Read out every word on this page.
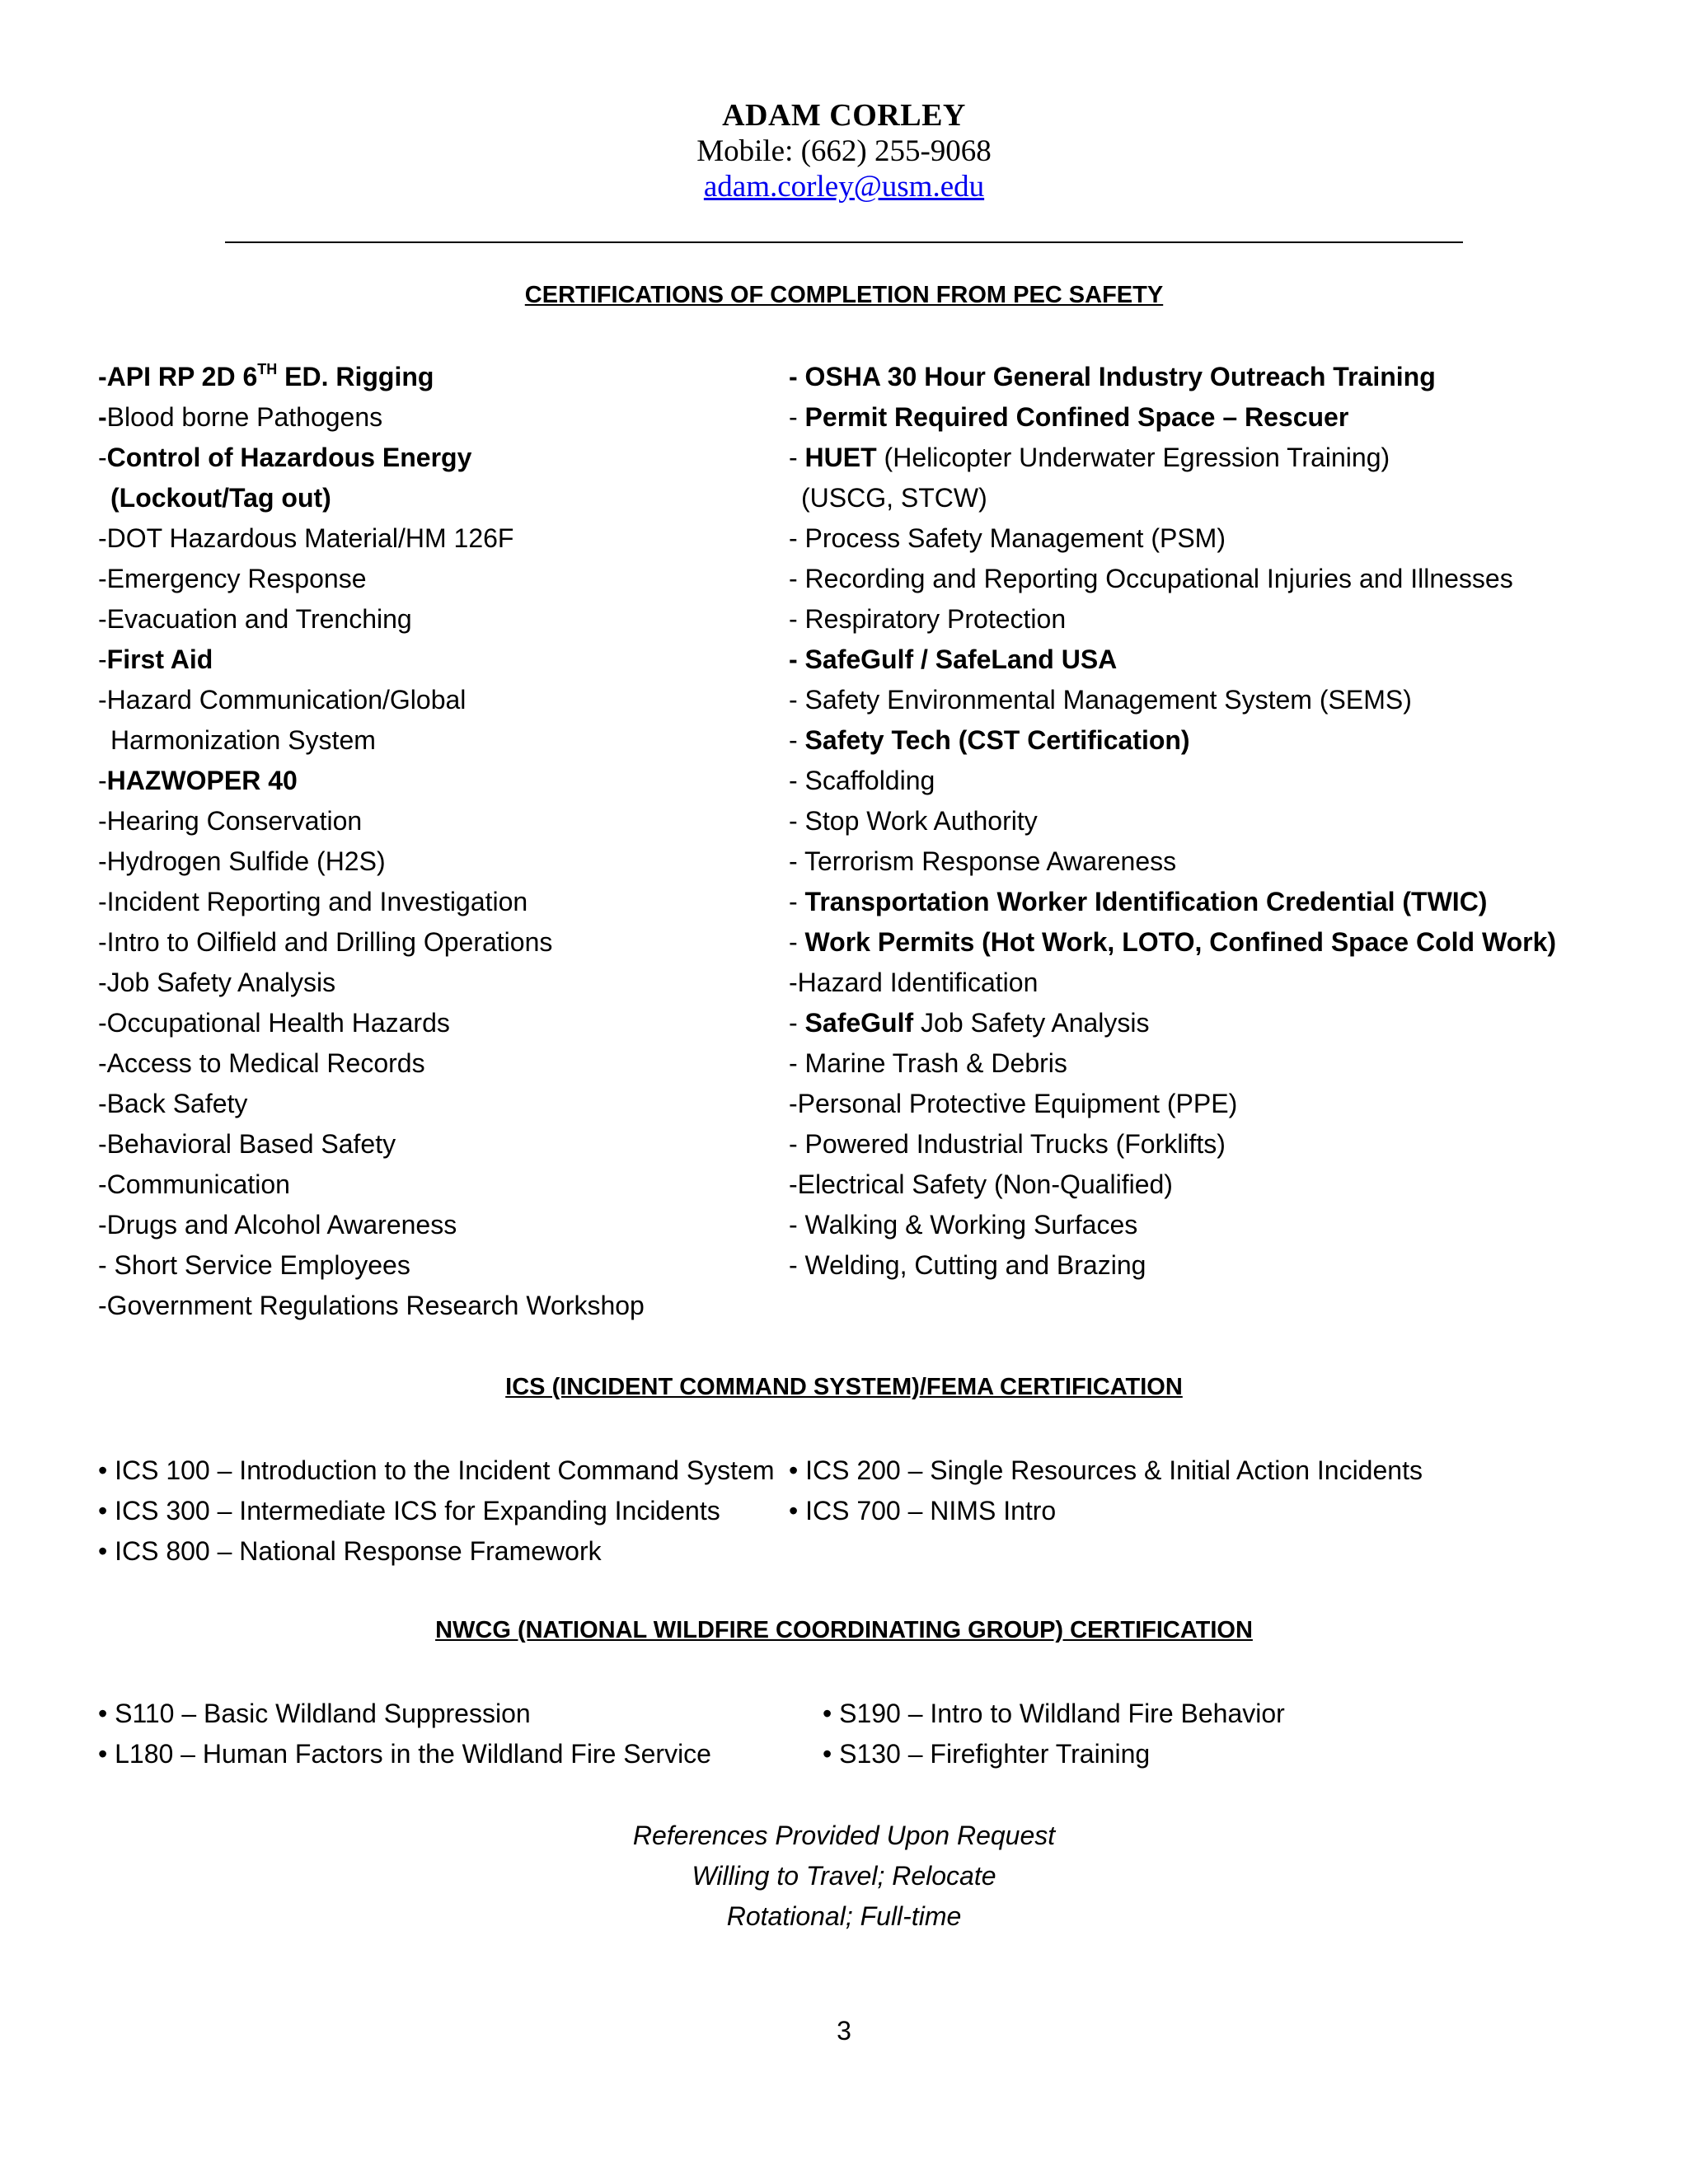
ADAM CORLEY
Mobile: (662) 255-9068
adam.corley@usm.edu
CERTIFICATIONS OF COMPLETION FROM PEC SAFETY
-API RP 2D 6TH ED. Rigging
-Blood borne Pathogens
-Control of Hazardous Energy
(Lockout/Tag out)
-DOT Hazardous Material/HM 126F
-Emergency Response
-Evacuation and Trenching
-First Aid
-Hazard Communication/Global
Harmonization System
-HAZWOPER 40
-Hearing Conservation
-Hydrogen Sulfide (H2S)
-Incident Reporting and Investigation
-Intro to Oilfield and Drilling Operations
-Job Safety Analysis
-Occupational Health Hazards
-Access to Medical Records
-Back Safety
-Behavioral Based Safety
-Communication
-Drugs and Alcohol Awareness
- Short Service Employees
-Government Regulations Research Workshop
- OSHA 30 Hour General Industry Outreach Training
- Permit Required Confined Space – Rescuer
- HUET (Helicopter Underwater Egression Training)
(USCG, STCW)
- Process Safety Management (PSM)
- Recording and Reporting Occupational Injuries and Illnesses
- Respiratory Protection
- SafeGulf / SafeLand USA
- Safety Environmental Management System (SEMS)
- Safety Tech (CST Certification)
- Scaffolding
- Stop Work Authority
- Terrorism Response Awareness
- Transportation Worker Identification Credential (TWIC)
- Work Permits (Hot Work, LOTO, Confined Space Cold Work)
-Hazard Identification
- SafeGulf Job Safety Analysis
- Marine Trash & Debris
-Personal Protective Equipment (PPE)
- Powered Industrial Trucks (Forklifts)
-Electrical Safety (Non-Qualified)
- Walking & Working Surfaces
- Welding, Cutting and Brazing
ICS (INCIDENT COMMAND SYSTEM)/FEMA CERTIFICATION
• ICS 100 – Introduction to the Incident Command System
• ICS 300 – Intermediate ICS for Expanding Incidents
• ICS 800 – National Response Framework
• ICS 200 – Single Resources & Initial Action Incidents
• ICS 700 – NIMS Intro
NWCG (NATIONAL WILDFIRE COORDINATING GROUP) CERTIFICATION
• S110 – Basic Wildland Suppression
• L180 – Human Factors in the Wildland Fire Service
• S190 – Intro to Wildland Fire Behavior
• S130 – Firefighter Training
References Provided Upon Request
Willing to Travel; Relocate
Rotational; Full-time
3
